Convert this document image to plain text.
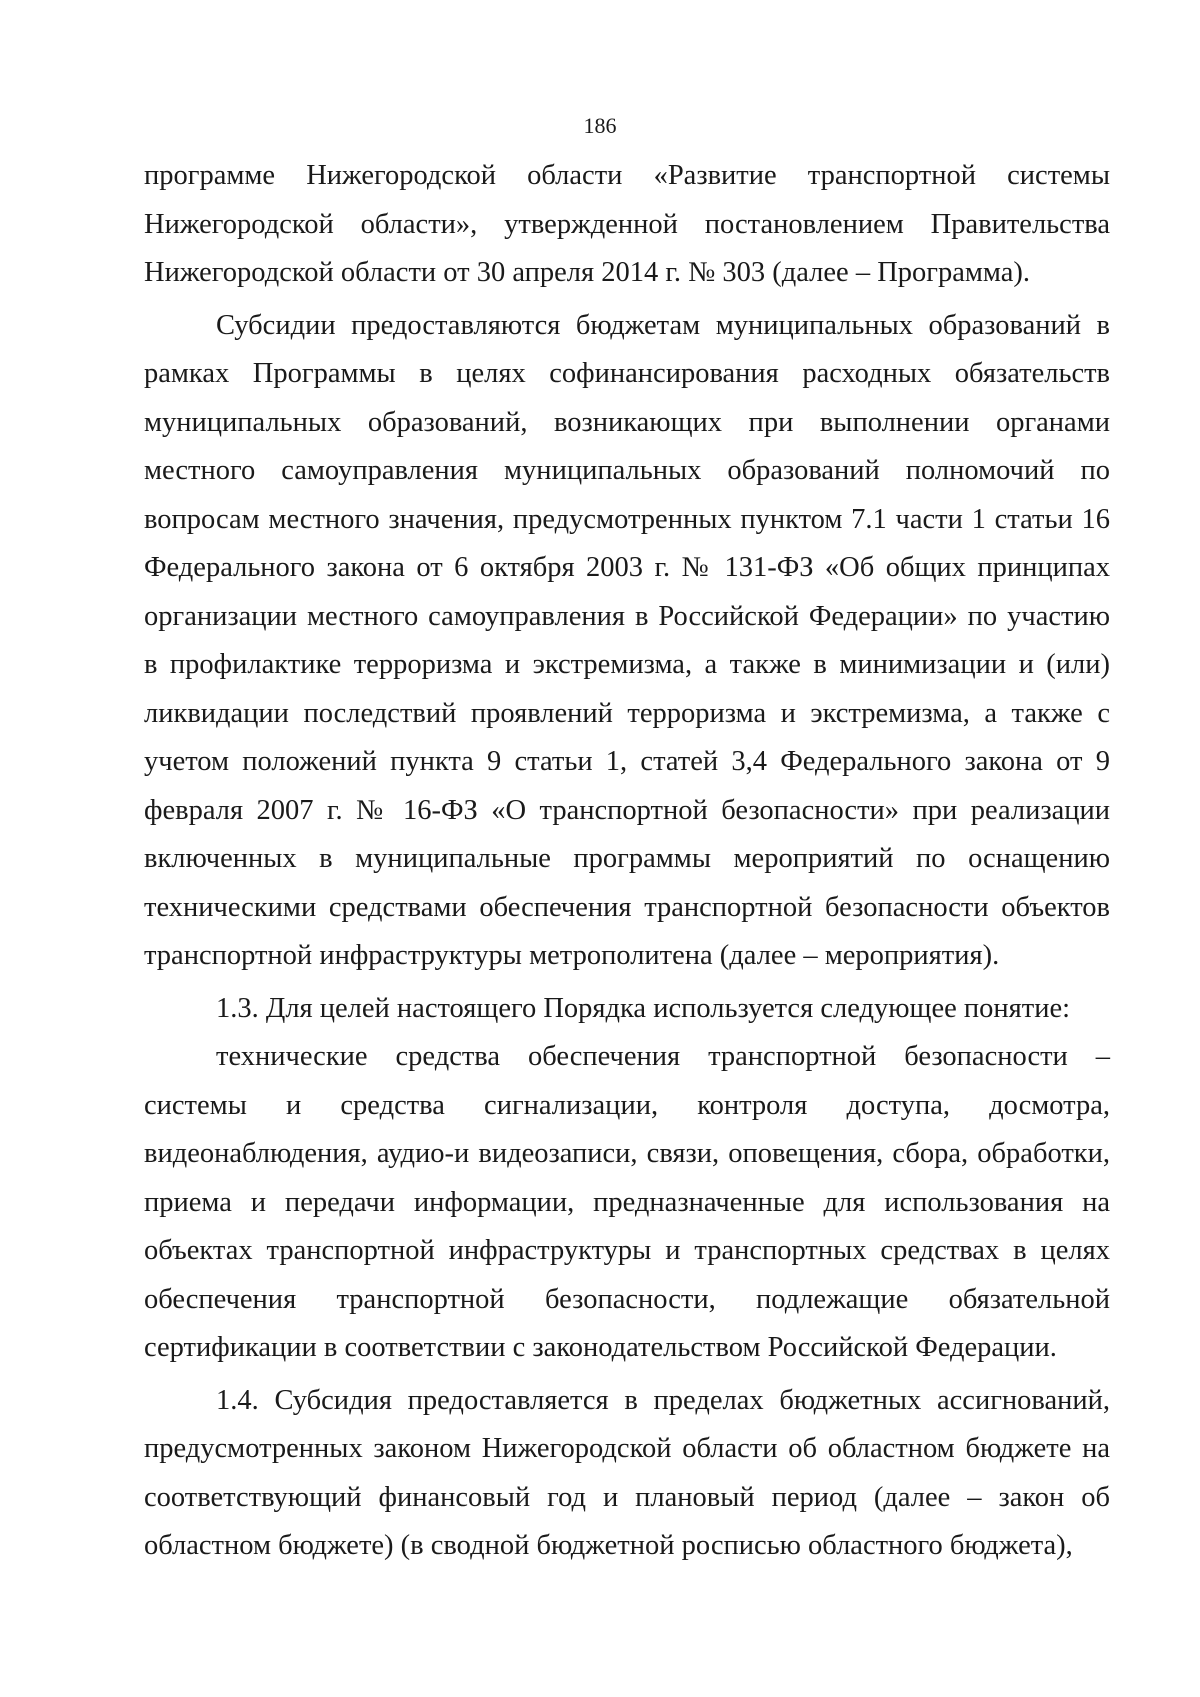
186

программе Нижегородской области «Развитие транспортной системы Нижегородской области», утвержденной постановлением Правительства Нижегородской области от 30 апреля 2014 г. № 303 (далее – Программа).

Субсидии предоставляются бюджетам муниципальных образований в рамках Программы в целях софинансирования расходных обязательств муниципальных образований, возникающих при выполнении органами местного самоуправления муниципальных образований полномочий по вопросам местного значения, предусмотренных пунктом 7.1 части 1 статьи 16 Федерального закона от 6 октября 2003 г. № 131-ФЗ «Об общих принципах организации местного самоуправления в Российской Федерации» по участию в профилактике терроризма и экстремизма, а также в минимизации и (или) ликвидации последствий проявлений терроризма и экстремизма, а также с учетом положений пункта 9 статьи 1, статей 3,4 Федерального закона от 9 февраля 2007 г. № 16-ФЗ «О транспортной безопасности» при реализации включенных в муниципальные программы мероприятий по оснащению техническими средствами обеспечения транспортной безопасности объектов транспортной инфраструктуры метрополитена (далее – мероприятия).

1.3. Для целей настоящего Порядка используется следующее понятие:

технические средства обеспечения транспортной безопасности – системы и средства сигнализации, контроля доступа, досмотра, видеонаблюдения, аудио-и видеозаписи, связи, оповещения, сбора, обработки, приема и передачи информации, предназначенные для использования на объектах транспортной инфраструктуры и транспортных средствах в целях обеспечения транспортной безопасности, подлежащие обязательной сертификации в соответствии с законодательством Российской Федерации.

1.4. Субсидия предоставляется в пределах бюджетных ассигнований, предусмотренных законом Нижегородской области об областном бюджете на соответствующий финансовый год и плановый период (далее – закон об областном бюджете) (в сводной бюджетной росписью областного бюджета),
